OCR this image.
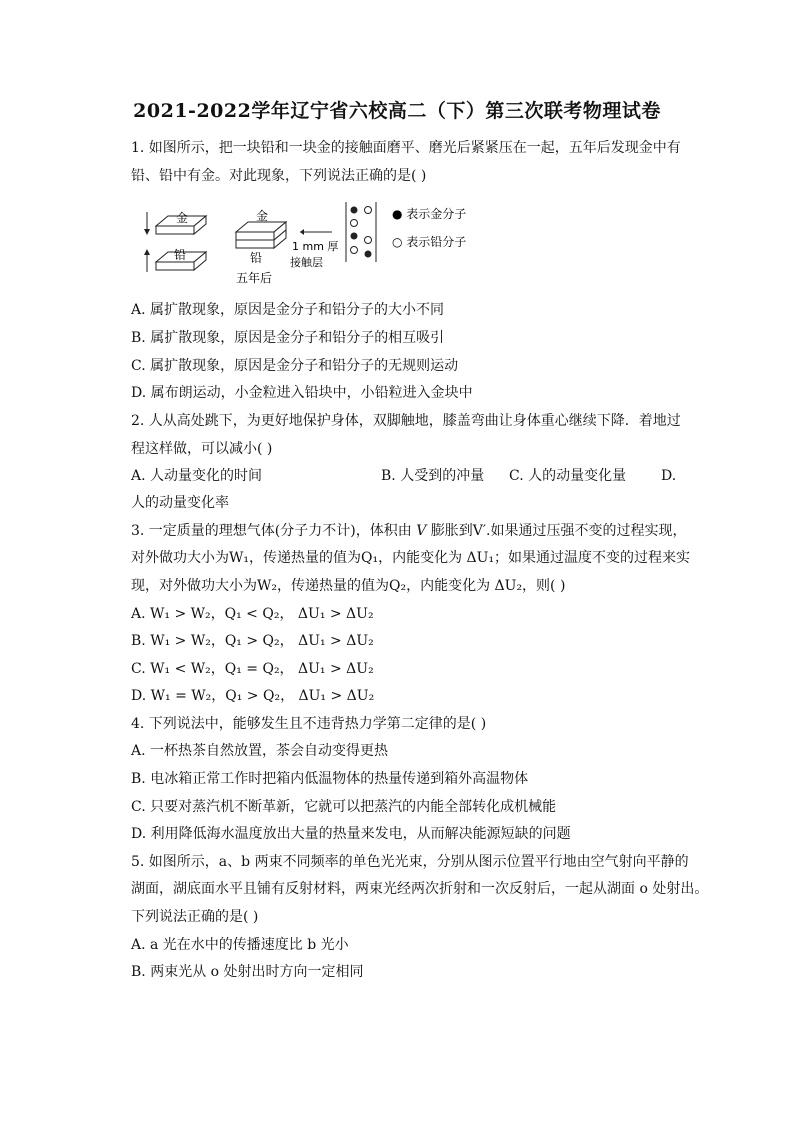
2021-2022学年辽宁省六校高二（下）第三次联考物理试卷
1. 如图所示，把一块铅和一块金的接触面磨平、磨光后紧紧压在一起，五年后发现金中有
铅、铅中有金。对此现象，下列说法正确的是( )
金
铅
金
铅
五年后
1 mm 厚
接触层
● 表示金分子
○ 表示铅分子
A. 属扩散现象，原因是金分子和铅分子的大小不同
B. 属扩散现象，原因是金分子和铅分子的相互吸引
C. 属扩散现象，原因是金分子和铅分子的无规则运动
D. 属布朗运动，小金粒进入铅块中，小铅粒进入金块中
2. 人从高处跳下，为更好地保护身体，双脚触地，膝盖弯曲让身体重心继续下降．着地过
程这样做，可以减小( )
A. 人动量变化的时间	B. 人受到的冲量 C. 人的动量变化量 D.
人的动量变化率
3. 一定质量的理想气体(分子力不计)，体积由 V 膨胀到V′.如果通过压强不变的过程实现，
对外做功大小为W₁，传递热量的值为Q₁，内能变化为 ΔU₁；如果通过温度不变的过程来实
现，对外做功大小为W₂，传递热量的值为Q₂，内能变化为 ΔU₂，则( )
A. W₁ > W₂，Q₁ < Q₂， ΔU₁ > ΔU₂
B. W₁ > W₂，Q₁ > Q₂， ΔU₁ > ΔU₂
C. W₁ < W₂，Q₁ = Q₂， ΔU₁ > ΔU₂
D. W₁ = W₂，Q₁ > Q₂， ΔU₁ > ΔU₂
4. 下列说法中，能够发生且不违背热力学第二定律的是( )
A. 一杯热茶自然放置，茶会自动变得更热
B. 电冰箱正常工作时把箱内低温物体的热量传递到箱外高温物体
C. 只要对蒸汽机不断革新，它就可以把蒸汽的内能全部转化成机械能
D. 利用降低海水温度放出大量的热量来发电，从而解决能源短缺的问题
5. 如图所示，a、b 两束不同频率的单色光光束，分别从图示位置平行地由空气射向平静的
湖面，湖底面水平且铺有反射材料，两束光经两次折射和一次反射后，一起从湖面 o 处射出。
下列说法正确的是( )
A. a 光在水中的传播速度比 b 光小
B. 两束光从 o 处射出时方向一定相同
